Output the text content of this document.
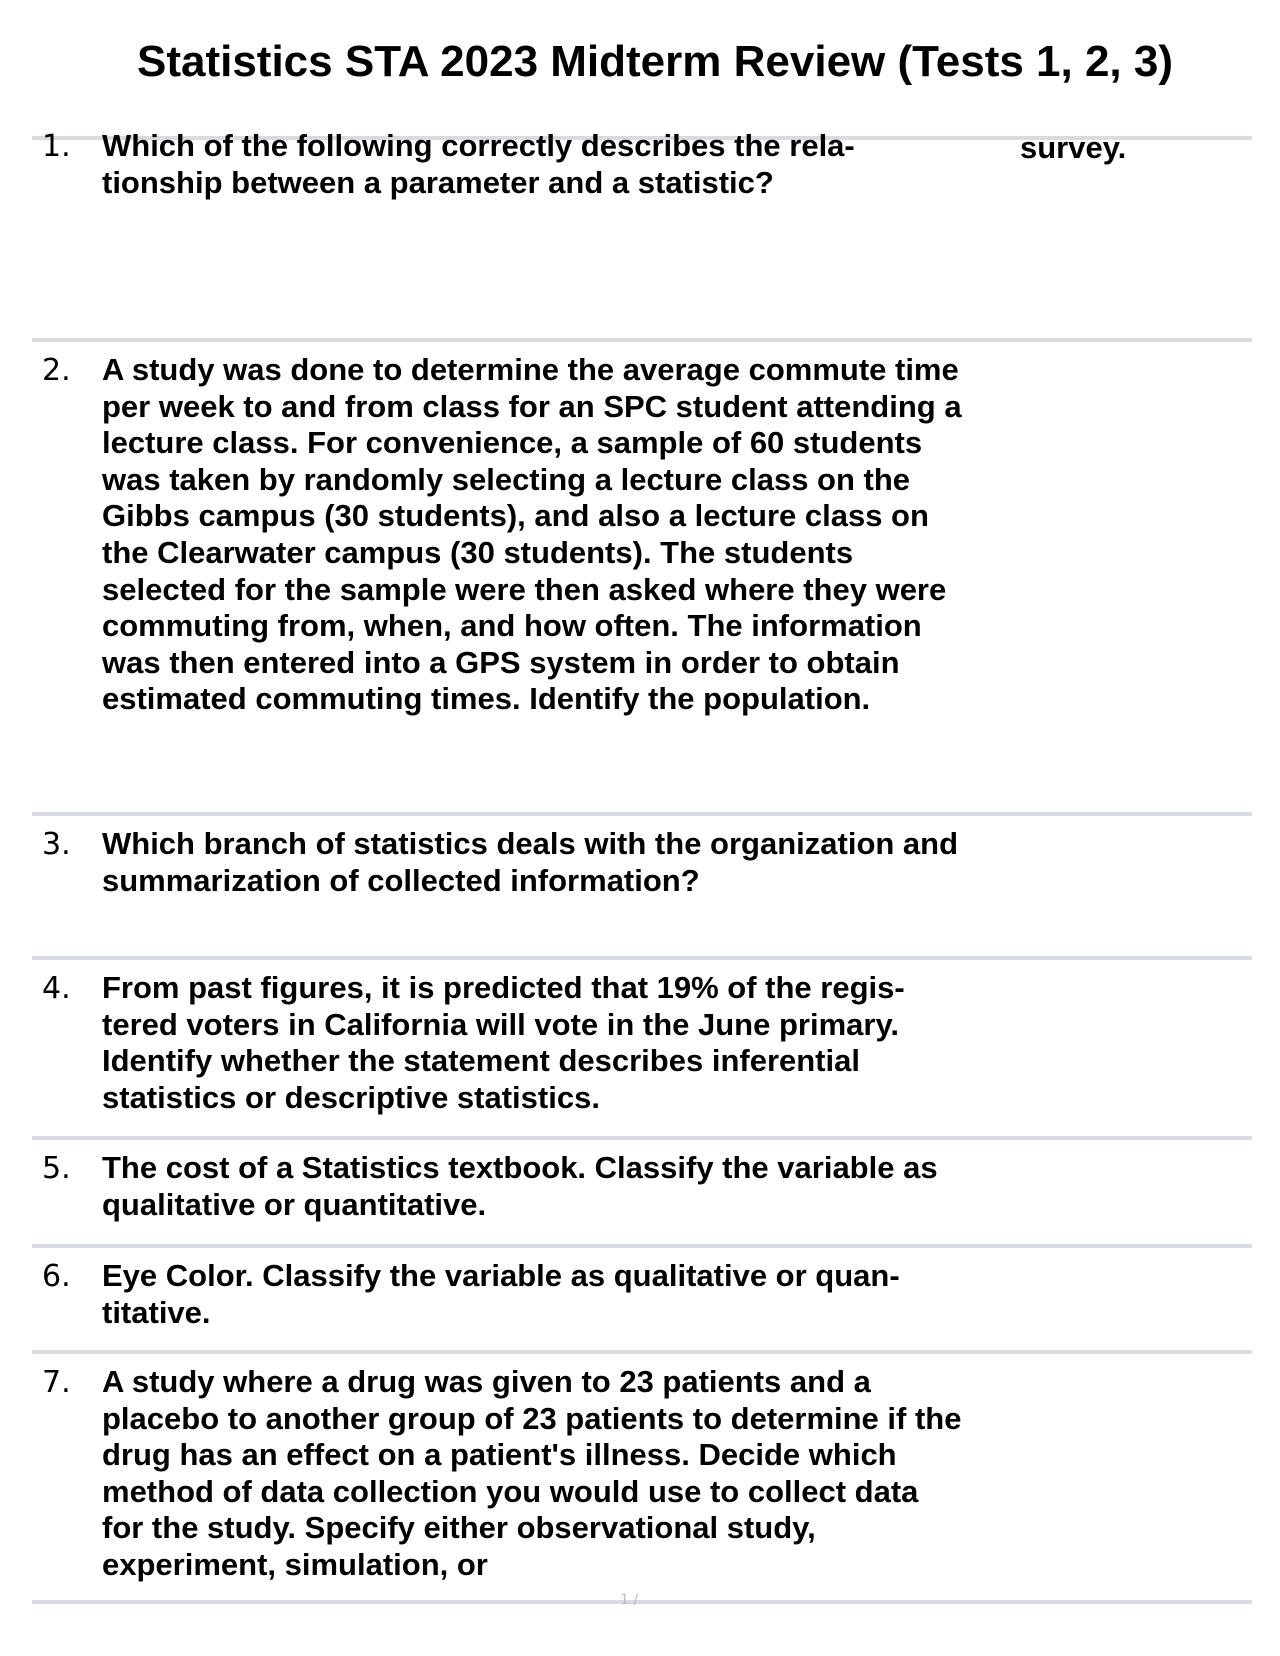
Statistics STA 2023 Midterm Review (Tests 1, 2, 3)
1. Which of the following correctly describes the rela- tionship between a parameter and a statistic?
survey.
2. A study was done to determine the average commute time per week to and from class for an SPC student attending a lecture class. For convenience, a sample of 60 students was taken by randomly selecting a lecture class on the Gibbs campus (30 students), and also a lecture class on the Clearwater campus (30 students). The students selected for the sample were then asked where they were commuting from, when, and how often. The information was then entered into a GPS system in order to obtain estimated commuting times. Identify the population.
3. Which branch of statistics deals with the organization and summarization of collected information?
4. From past figures, it is predicted that 19% of the regis- tered voters in California will vote in the June primary. Identify whether the statement describes inferential statistics or descriptive statistics.
5. The cost of a Statistics textbook. Classify the variable as qualitative or quantitative.
6. Eye Color. Classify the variable as qualitative or quan- titative.
7. A study where a drug was given to 23 patients and a placebo to another group of 23 patients to determine if the drug has an effect on a patient's illness. Decide which method of data collection you would use to collect data for the study. Specify either observational study, experiment, simulation, or
1 /
